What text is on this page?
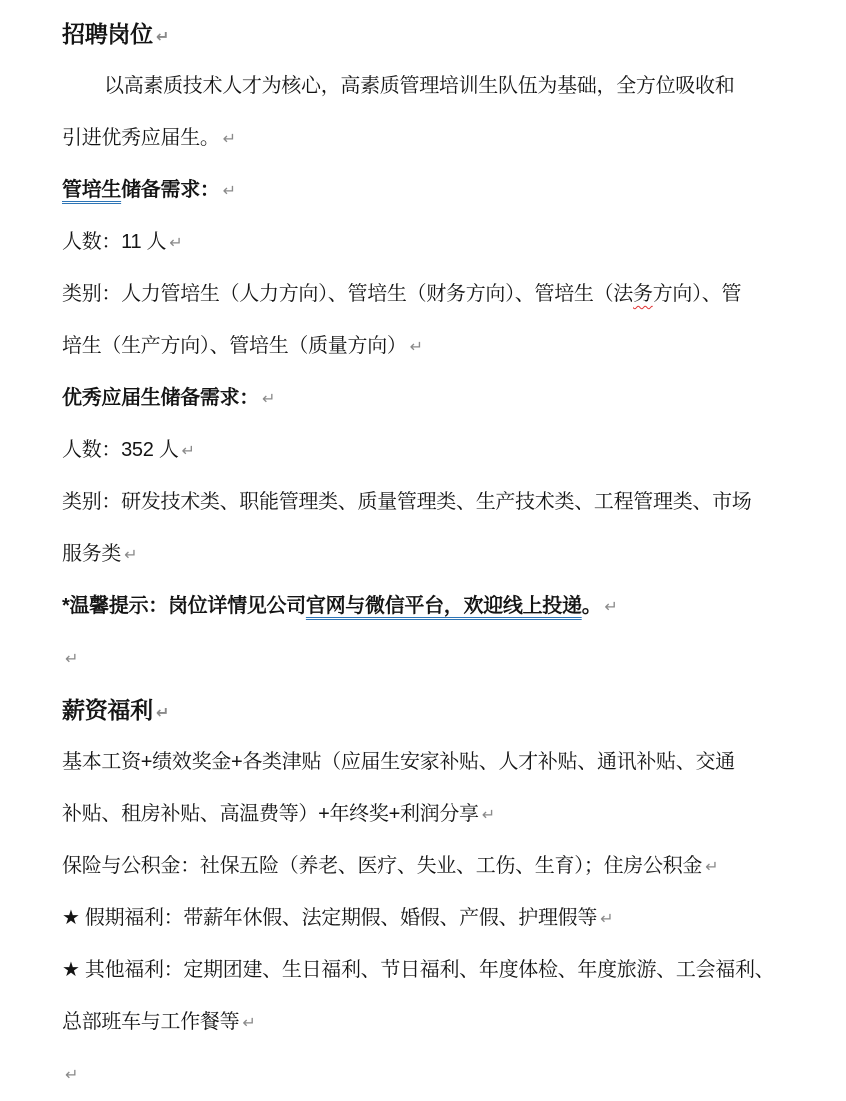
招聘岗位 ↵
以高素质技术人才为核心，高素质管理培训生队伍为基础，全方位吸收和
引进优秀应届生。 ↵
管培生储备需求： ↵
人数：11 人 ↵
类别：人力管培生（人力方向）、管培生（财务方向）、管培生（法务方向）、管
培生（生产方向）、管培生（质量方向） ↵
优秀应届生储备需求： ↵
人数：352 人 ↵
类别：研发技术类、职能管理类、质量管理类、生产技术类、工程管理类、市场
服务类 ↵
*温馨提示：岗位详情见公司官网与微信平台，欢迎线上投递。 ↵
↵
薪资福利 ↵
基本工资+绩效奖金+各类津贴（应届生安家补贴、人才补贴、通讯补贴、交通
补贴、租房补贴、高温费等）+年终奖+利润分享 ↵
保险与公积金：社保五险（养老、医疗、失业、工伤、生育）；住房公积金 ↵
★ 假期福利：带薪年休假、法定期假、婚假、产假、护理假等 ↵
★ 其他福利：定期团建、生日福利、节日福利、年度体检、年度旅游、工会福利、
总部班车与工作餐等 ↵
↵
